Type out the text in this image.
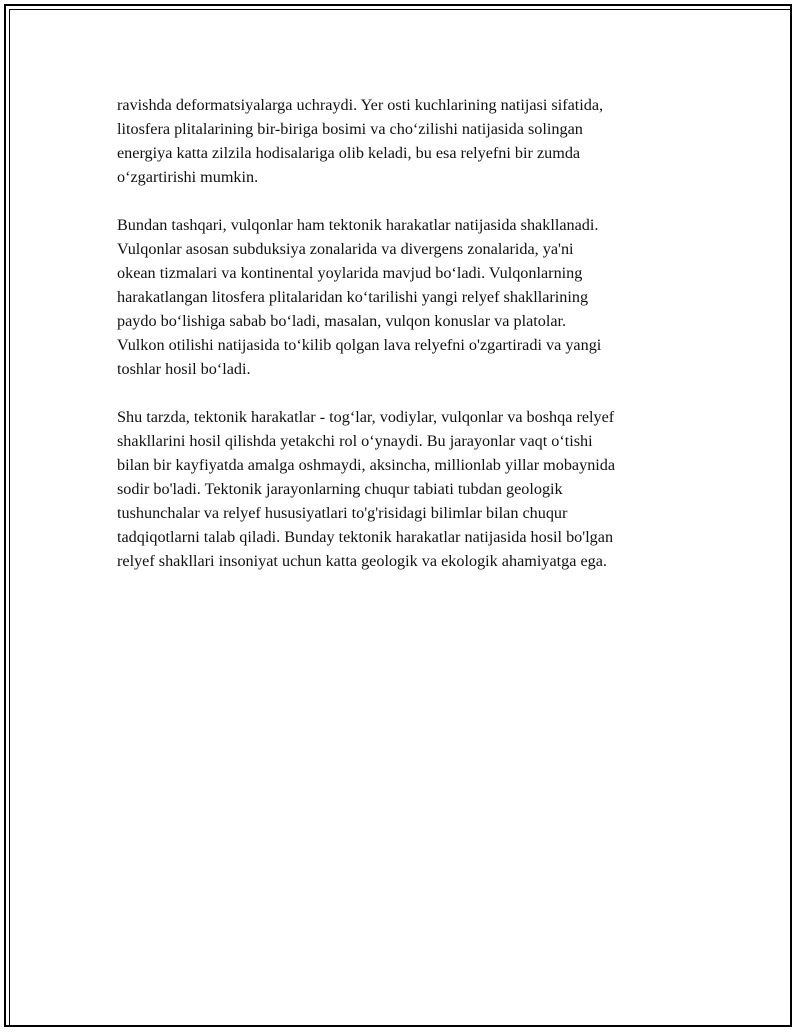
ravishda deformatsiyalarga uchraydi. Yer osti kuchlarining natijasi sifatida,
litosfera plitalarining bir-biriga bosimi va cho‘zilishi natijasida solingan
energiya katta zilzila hodisalariga olib keladi, bu esa relyefni bir zumda
o‘zgartirishi mumkin.

Bundan tashqari, vulqonlar ham tektonik harakatlar natijasida shakllanadi.
Vulqonlar asosan subduksiya zonalarida va divergens zonalarida, ya'ni
okean tizmalari va kontinental yoylarida mavjud bo‘ladi. Vulqonlarning
harakatlangan litosfera plitalaridan ko‘tarilishi yangi relyef shakllarining
paydo bo‘lishiga sabab bo‘ladi, masalan, vulqon konuslar va platolar.
Vulkon otilishi natijasida to‘kilib qolgan lava relyefni o'zgartiradi va yangi
toshlar hosil bo‘ladi.

Shu tarzda, tektonik harakatlar - tog‘lar, vodiylar, vulqonlar va boshqa relyef
shakllarini hosil qilishda yetakchi rol o‘ynaydi. Bu jarayonlar vaqt o‘tishi
bilan bir kayfiyatda amalga oshmaydi, aksincha, millionlab yillar mobaynida
sodir bo'ladi. Tektonik jarayonlarning chuqur tabiati tubdan geologik
tushunchalar va relyef hususiyatlari to'g'risidagi bilimlar bilan chuqur
tadqiqotlarni talab qiladi. Bunday tektonik harakatlar natijasida hosil bo'lgan
relyef shakllari insoniyat uchun katta geologik va ekologik ahamiyatga ega.
